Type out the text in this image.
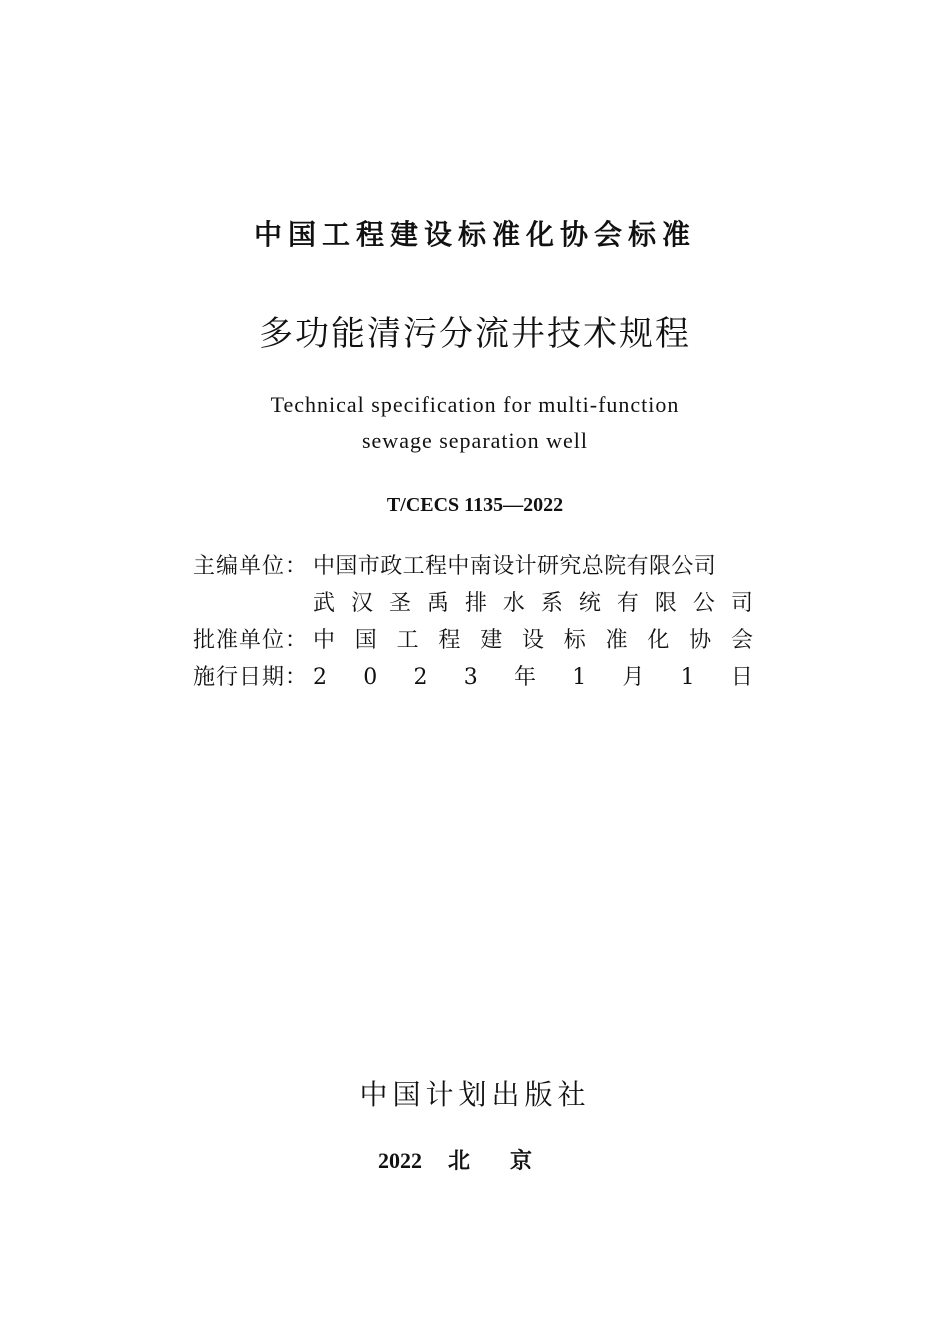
中国工程建设标准化协会标准
多功能清污分流井技术规程
Technical specification for multi-function
sewage separation well
T/CECS 1135—2022
主编单位： 中国市政工程中南设计研究总院有限公司
武 汉 圣 禹 排 水 系 统 有 限 公 司
批准单位： 中 国 工 程 建 设 标 准 化 协 会
施行日期： 2 0 2 3 年 1 月 1 日
中国计划出版社
2022 北京
